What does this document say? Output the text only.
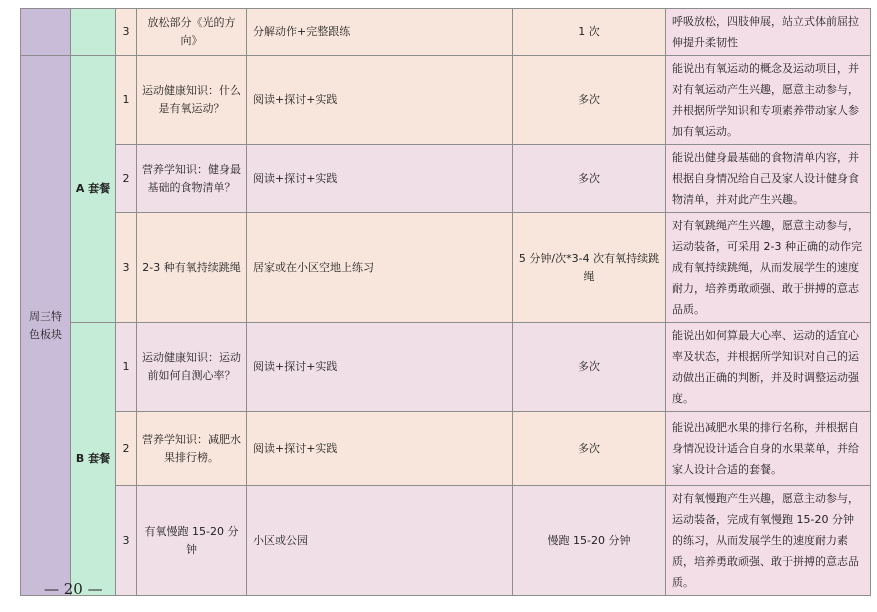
		3	放松部分《光的方向》	分解动作+完整跟练	1 次	呼吸放松，四肢伸展，站立式体前屈拉伸提升柔韧性
周三特色板块	A 套餐	1	运动健康知识：什么是有氧运动？	阅读+探讨+实践	多次	能说出有氧运动的概念及运动项目，并对有氧运动产生兴趣，愿意主动参与，并根据所学知识和专项素养带动家人参加有氧运动。
		2	营养学知识：健身最基础的食物清单？	阅读+探讨+实践	多次	能说出健身最基础的食物清单内容，并根据自身情况给自己及家人设计健身食物清单，并对此产生兴趣。
		3	2-3 种有氧持续跳绳	居家或在小区空地上练习	5 分钟/次*3-4 次有氧持续跳绳	对有氧跳绳产生兴趣，愿意主动参与，运动装备，可采用 2-3 种正确的动作完成有氧持续跳绳，从而发展学生的速度耐力，培养勇敢顽强、敢于拼搏的意志品质。
	B 套餐	1	运动健康知识：运动前如何自测心率？	阅读+探讨+实践	多次	能说出如何算最大心率、运动的适宜心率及状态，并根据所学知识对自己的运动做出正确的判断，并及时调整运动强度。
		2	营养学知识：减肥水果排行榜。	阅读+探讨+实践	多次	能说出减肥水果的排行名称，并根据自身情况设计适合自身的水果菜单，并给家人设计合适的套餐。
		3	有氧慢跑 15-20 分钟	小区或公园	慢跑 15-20 分钟	对有氧慢跑产生兴趣，愿意主动参与，运动装备，完成有氧慢跑 15-20 分钟的练习，从而发展学生的速度耐力素质，培养勇敢顽强、敢于拼搏的意志品质。
— 20 —
